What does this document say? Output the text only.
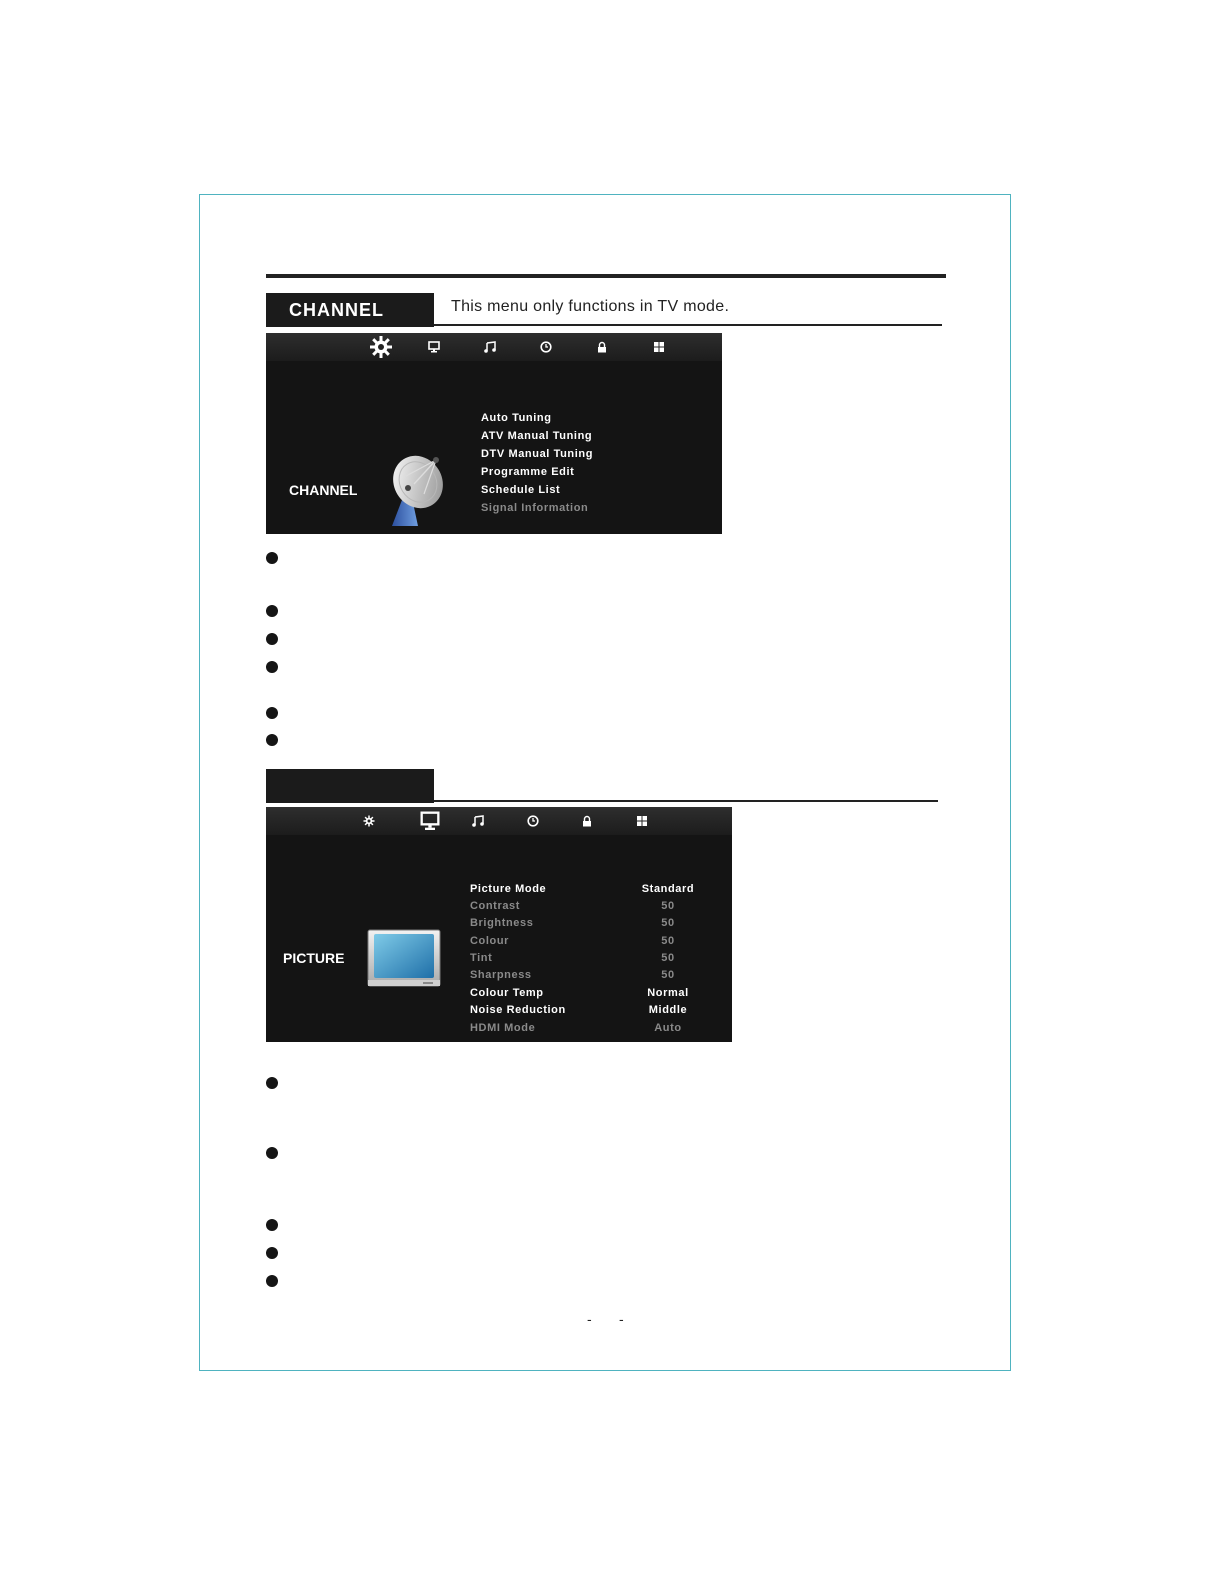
CHANNEL	This menu only functions in TV mode.
CHANNEL
Auto Tuning
ATV Manual Tuning
DTV Manual Tuning
Programme Edit
Schedule List
Signal Information
PICTURE
Picture Mode	Standard
Contrast	50
Brightness	50
Colour	50
Tint	50
Sharpness	50
Colour Temp	Normal
Noise Reduction	Middle
HDMI Mode	Auto
- -
